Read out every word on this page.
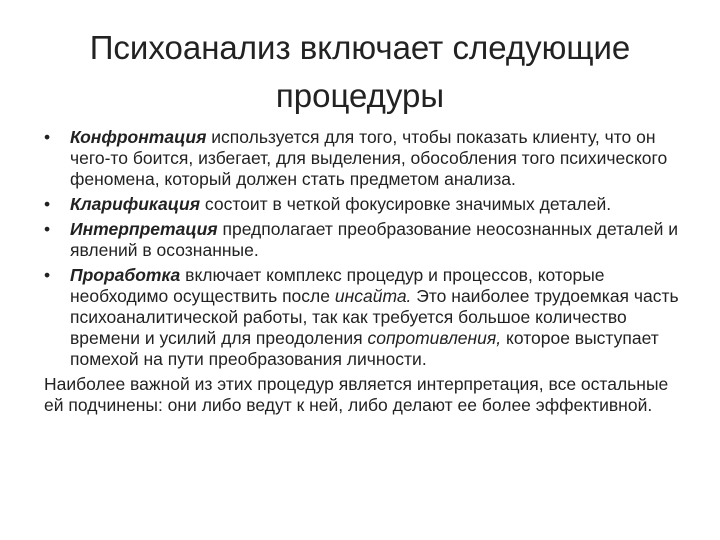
Психоанализ включает следующие
процедуры
• Конфронтация используется для того, чтобы показать клиенту, что он чего-то боится, избегает, для выделения, обособления того психического феномена, который должен стать предметом анализа.
• Кларификация состоит в четкой фокусировке значимых деталей.
• Интерпретация предполагает преобразование неосознанных деталей и явлений в осознанные.
• Проработка включает комплекс процедур и процессов, которые необходимо осуществить после инсайта. Это наиболее трудоемкая часть психоаналитической работы, так как требуется большое количество времени и усилий для преодоления сопротивления, которое выступает помехой на пути преобразования личности.
Наиболее важной из этих процедур является интерпретация, все остальные ей подчинены: они либо ведут к ней, либо делают ее более эффективной.
